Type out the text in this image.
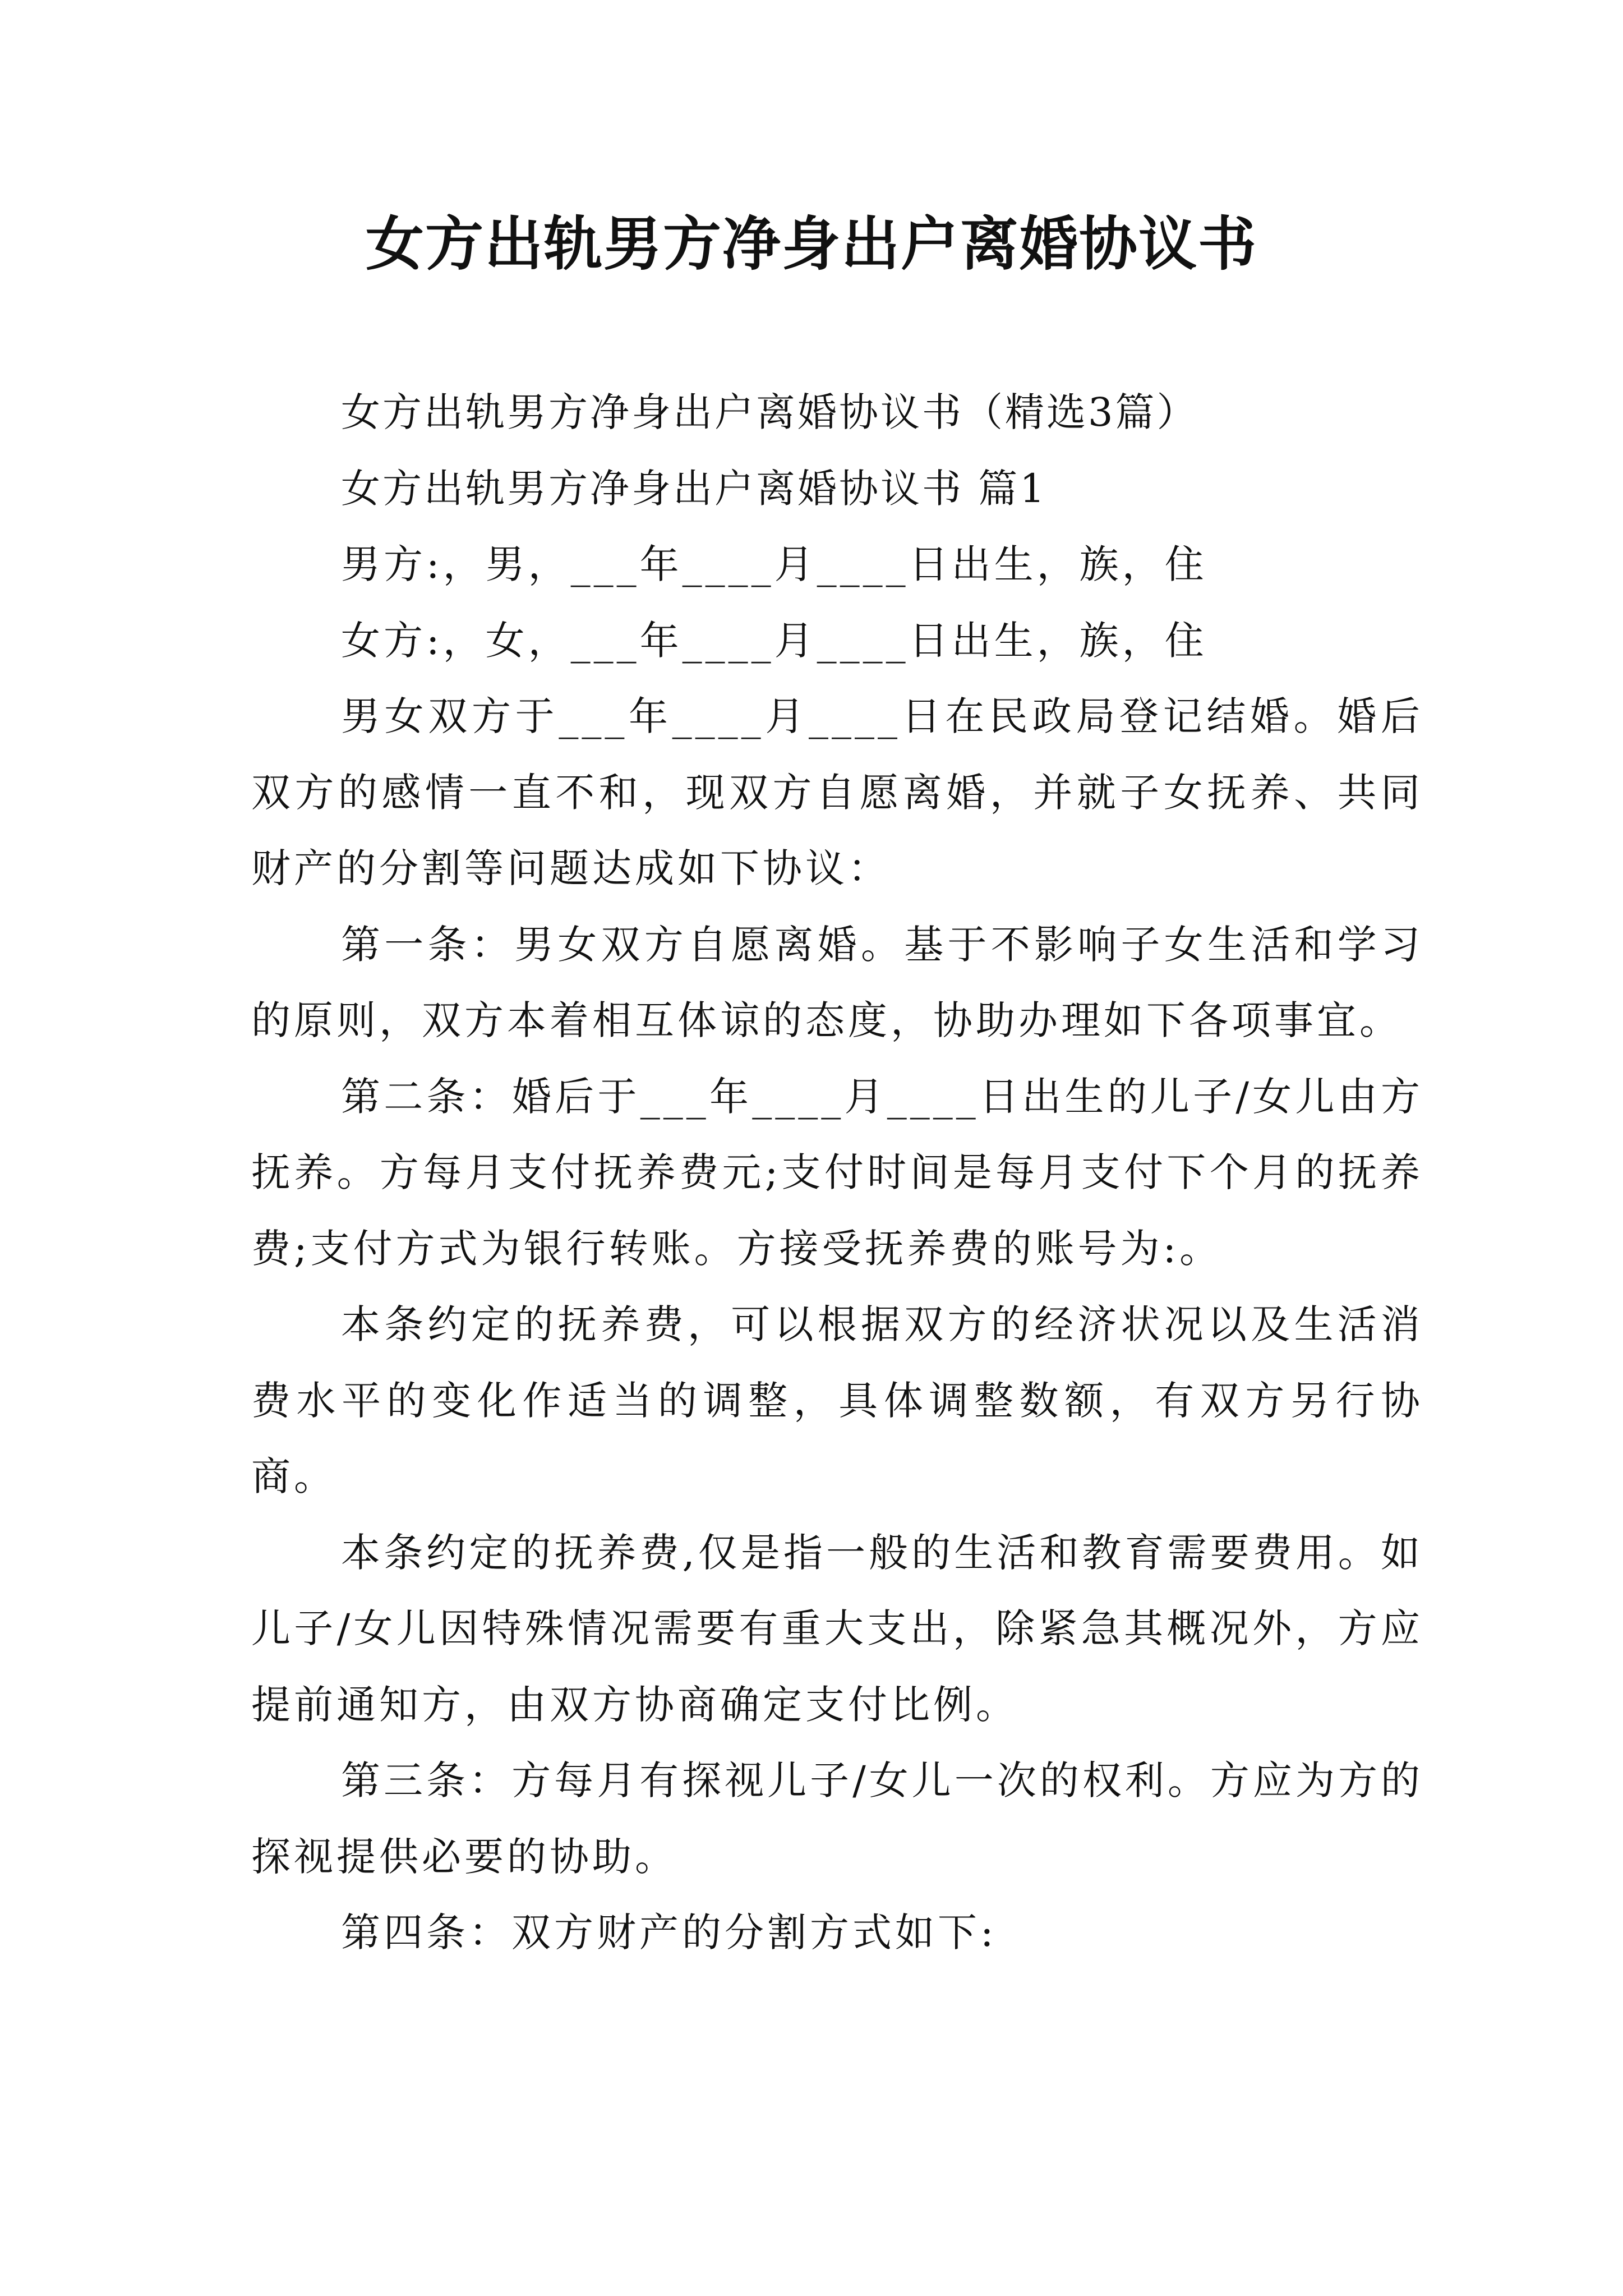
女方出轨男方净身出户离婚协议书

女方出轨男方净身出户离婚协议书（精选3篇）

女方出轨男方净身出户离婚协议书 篇1

男方:，男，___年____月____日出生，族，住

女方:，女，___年____月____日出生，族，住

男女双方于___年____月____日在民政局登记结婚。婚后双方的感情一直不和，现双方自愿离婚，并就子女抚养、共同财产的分割等问题达成如下协议：

第一条：男女双方自愿离婚。基于不影响子女生活和学习的原则，双方本着相互体谅的态度，协助办理如下各项事宜。

第二条：婚后于___年____月____日出生的儿子/女儿由方抚养。方每月支付抚养费元;支付时间是每月支付下个月的抚养费;支付方式为银行转账。方接受抚养费的账号为:。

本条约定的抚养费，可以根据双方的经济状况以及生活消费水平的变化作适当的调整，具体调整数额，有双方另行协商。

本条约定的抚养费,仅是指一般的生活和教育需要费用。如儿子/女儿因特殊情况需要有重大支出，除紧急其概况外，方应提前通知方，由双方协商确定支付比例。

第三条：方每月有探视儿子/女儿一次的权利。方应为方的探视提供必要的协助。

第四条：双方财产的分割方式如下:
